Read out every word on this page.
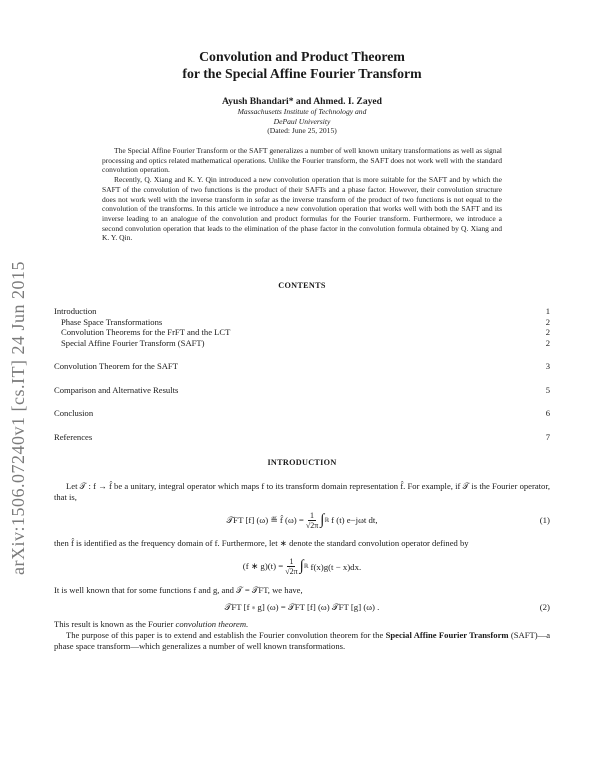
arXiv:1506.07240v1 [cs.IT] 24 Jun 2015
Convolution and Product Theorem
for the Special Affine Fourier Transform
Ayush Bhandari* and Ahmed. I. Zayed
Massachusetts Institute of Technology and
DePaul University
(Dated: June 25, 2015)

The Special Affine Fourier Transform or the SAFT generalizes a number of well known unitary transformations as well as signal processing and optics related mathematical operations. Unlike the Fourier transform, the SAFT does not work well with the standard convolution operation.

Recently, Q. Xiang and K. Y. Qin introduced a new convolution operation that is more suitable for the SAFT and by which the SAFT of the convolution of two functions is the product of their SAFTs and a phase factor. However, their convolution structure does not work well with the inverse transform in sofar as the inverse transform of the product of two functions is not equal to the convolution of the transforms. In this article we introduce a new convolution operation that works well with both the SAFT and its inverse leading to an analogue of the convolution and product formulas for the Fourier transform. Furthermore, we introduce a second convolution operation that leads to the elimination of the phase factor in the convolution formula obtained by Q. Xiang and K. Y. Qin.

CONTENTS
Introduction	1
Phase Space Transformations	2
Convolution Theorems for the FrFT and the LCT	2
Special Affine Fourier Transform (SAFT)	2
Convolution Theorem for the SAFT	3
Comparison and Alternative Results	5
Conclusion	6
References	7
INTRODUCTION
Let 𝒯 : f → f̂ be a unitary, integral operator which maps f to its transform domain representation f̂. For example, if 𝒯 is the Fourier operator, that is,
𝒯FT [f] (ω) ≝ f̂ $(\omega) = \frac{1}{√2\pi}$ ∫ ℝ f (t) e−jωt dt,	(1)
then f̂ is identified as the frequency domain of f. Furthermore, let ∗ denote the standard convolution operator defined by
(f ∗ $g)(t) = \frac{1}{√2\pi}$ ∫ ℝ f(x)g(t − x)dx.
It is well known that for some functions f and g, and 𝒯 = 𝒯FT, we have,
𝒯FT [f ∗ g] (ω) = 𝒯FT [f] (ω) 𝒯FT [g] (ω) .	(2)
This result is known as the Fourier convolution theorem.
The purpose of this paper is to extend and establish the Fourier convolution theorem for the Special Affine Fourier Transform (SAFT)—a phase space transform—which generalizes a number of well known transformations.
